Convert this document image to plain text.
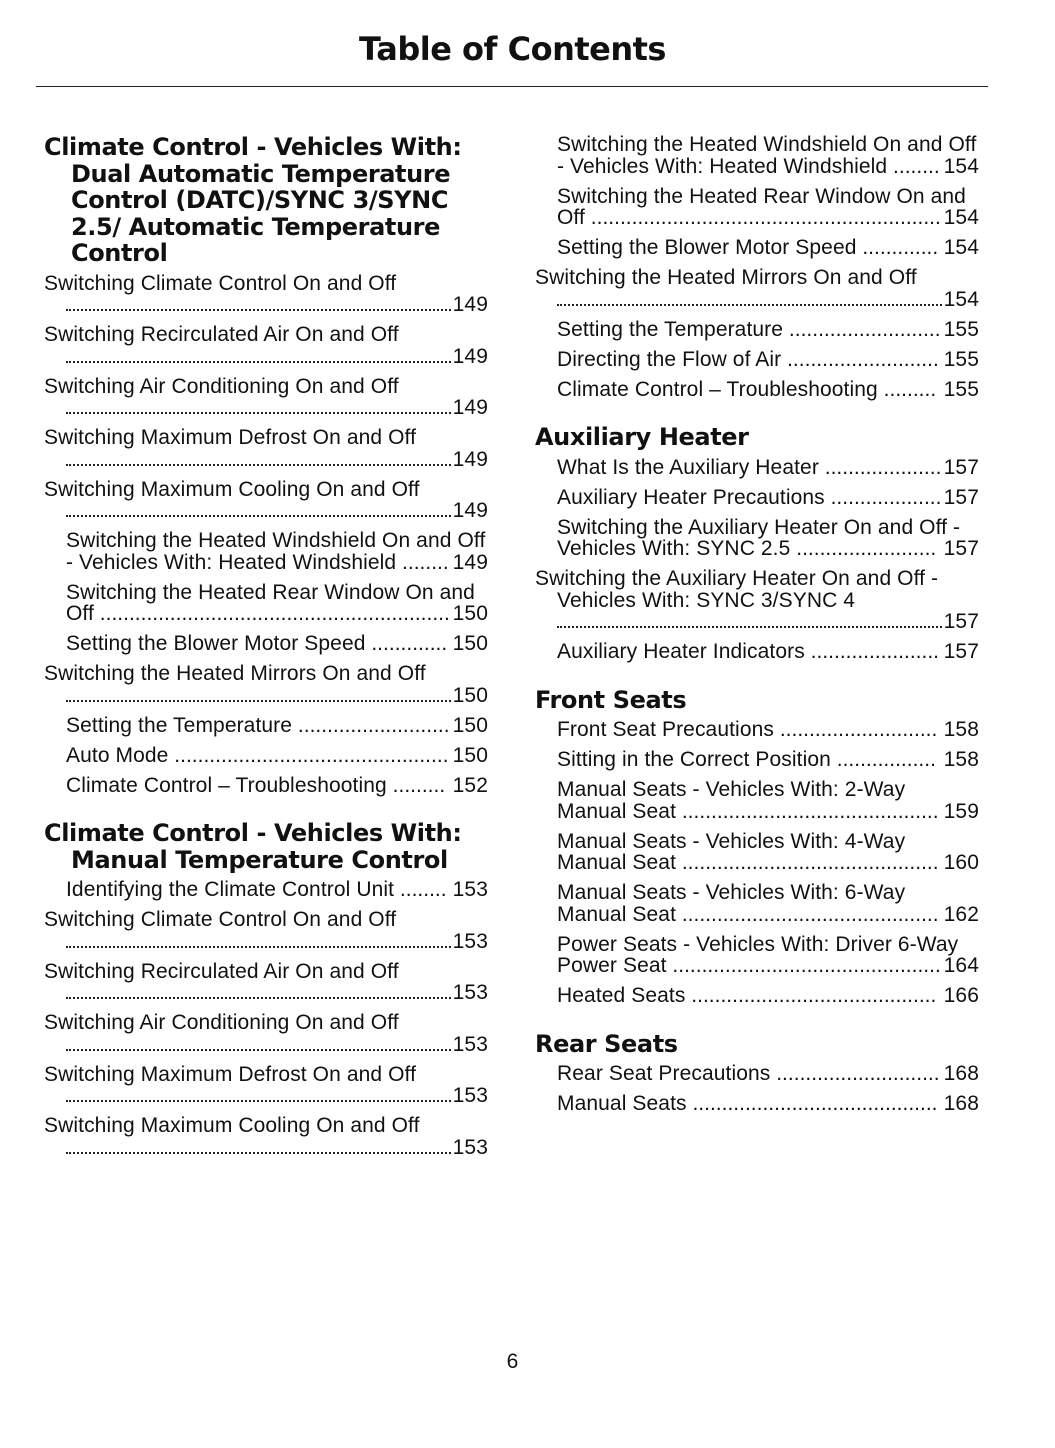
Table of Contents
Climate Control - Vehicles With: Dual Automatic Temperature Control (DATC)/SYNC 3/SYNC 2.5/ Automatic Temperature Control
Switching Climate Control On and Off
149
Switching Recirculated Air On and Off
149
Switching Air Conditioning On and Off
149
Switching Maximum Defrost On and Off
149
Switching Maximum Cooling On and Off
149
Switching the Heated Windshield On and Off - Vehicles With: Heated Windshield ........ 149
Switching the Heated Rear Window On and Off ............................................................ 150
Setting the Blower Motor Speed ............. 150
Switching the Heated Mirrors On and Off
150
Setting the Temperature .......................... 150
Auto Mode ............................................... 150
Climate Control – Troubleshooting ......... 152
Climate Control - Vehicles With: Manual Temperature Control
Identifying the Climate Control Unit ........ 153
Switching Climate Control On and Off
153
Switching Recirculated Air On and Off
153
Switching Air Conditioning On and Off
153
Switching Maximum Defrost On and Off
153
Switching Maximum Cooling On and Off
153
Switching the Heated Windshield On and Off - Vehicles With: Heated Windshield ........ 154
Switching the Heated Rear Window On and Off ............................................................ 154
Setting the Blower Motor Speed ............. 154
Switching the Heated Mirrors On and Off
154
Setting the Temperature .......................... 155
Directing the Flow of Air .......................... 155
Climate Control – Troubleshooting ......... 155
Auxiliary Heater
What Is the Auxiliary Heater .................... 157
Auxiliary Heater Precautions ................... 157
Switching the Auxiliary Heater On and Off - Vehicles With: SYNC 2.5 ........................ 157
Switching the Auxiliary Heater On and Off - Vehicles With: SYNC 3/SYNC 4
157
Auxiliary Heater Indicators ...................... 157
Front Seats
Front Seat Precautions ........................... 158
Sitting in the Correct Position ................. 158
Manual Seats - Vehicles With: 2-Way Manual Seat ............................................ 159
Manual Seats - Vehicles With: 4-Way Manual Seat ............................................ 160
Manual Seats - Vehicles With: 6-Way Manual Seat ............................................ 162
Power Seats - Vehicles With: Driver 6-Way Power Seat .............................................. 164
Heated Seats .......................................... 166
Rear Seats
Rear Seat Precautions ............................ 168
Manual Seats .......................................... 168
6
